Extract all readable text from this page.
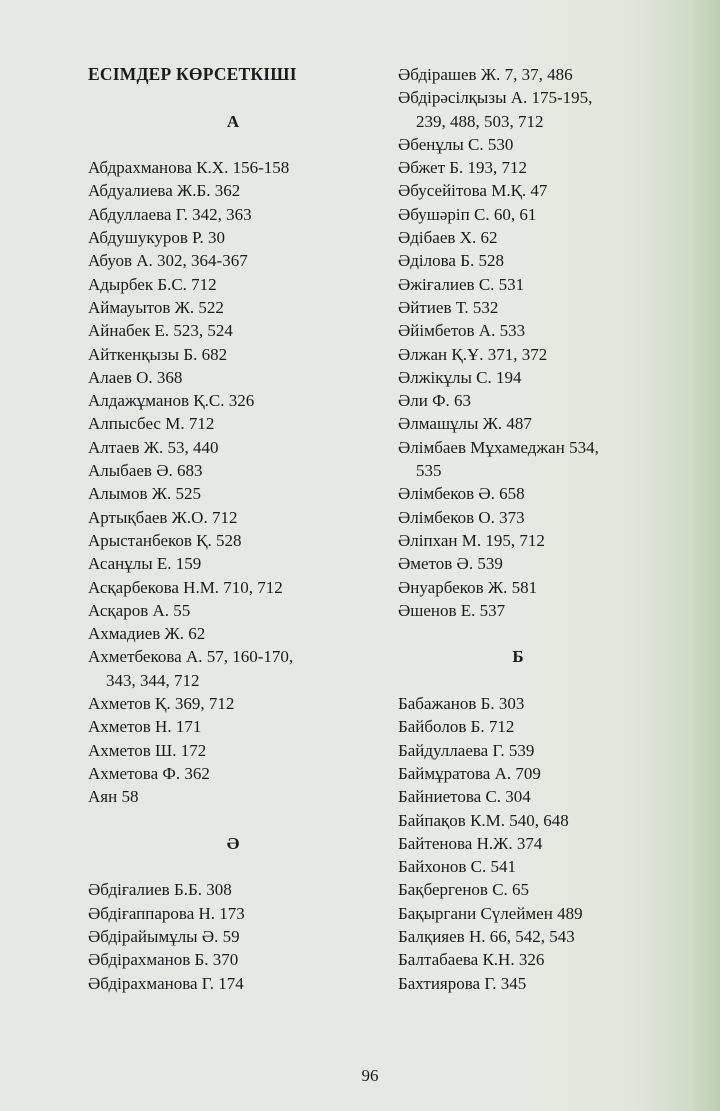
ЕСІМДЕР КӨРСЕТКІШІ
А
Абдрахманова К.Х. 156-158
Абдуалиева Ж.Б. 362
Абдуллаева Г. 342, 363
Абдушукуров Р. 30
Абуов А. 302, 364-367
Адырбек Б.С. 712
Аймауытов Ж. 522
Айнабек Е. 523, 524
Айткенқызы Б. 682
Алаев О. 368
Алдажұманов Қ.С. 326
Алпысбес М. 712
Алтаев Ж. 53, 440
Алыбаев Ә. 683
Алымов Ж. 525
Артықбаев Ж.О. 712
Арыстанбеков Қ. 528
Асанұлы Е. 159
Асқарбекова Н.М. 710, 712
Асқаров А. 55
Ахмадиев Ж. 62
Ахметбекова А. 57, 160-170,
343, 344, 712
Ахметов Қ. 369, 712
Ахметов Н. 171
Ахметов Ш. 172
Ахметова Ф. 362
Аян 58
Ә
Әбдіғалиев Б.Б. 308
Әбдіғаппарова Н. 173
Әбдірайымұлы Ә. 59
Әбдірахманов Б. 370
Әбдірахманова Г. 174
Әбдірашев Ж. 7, 37, 486
Әбдірәсілқызы А. 175-195,
239, 488, 503, 712
Әбенұлы С. 530
Әбжет Б. 193, 712
Әбусейітова М.Қ. 47
Әбушәріп С. 60, 61
Әдібаев Х. 62
Әділова Б. 528
Әжіғалиев С. 531
Әйтиев Т. 532
Әйімбетов А. 533
Әлжан Қ.Ұ. 371, 372
Әлжікұлы С. 194
Әли Ф. 63
Әлмашұлы Ж. 487
Әлімбаев Мұхамеджан 534,
535
Әлімбеков Ә. 658
Әлімбеков О. 373
Әліпхан М. 195, 712
Әметов Ә. 539
Әнуарбеков Ж. 581
Әшенов Е. 537
Б
Бабажанов Б. 303
Байболов Б. 712
Байдуллаева Г. 539
Баймұратова А. 709
Байниетова С. 304
Байпақов К.М. 540, 648
Байтенова Н.Ж. 374
Байхонов С. 541
Бақбергенов С. 65
Бақыргани Сүлеймен 489
Балқияев Н. 66, 542, 543
Балтабаева К.Н. 326
Бахтиярова Г. 345
96
